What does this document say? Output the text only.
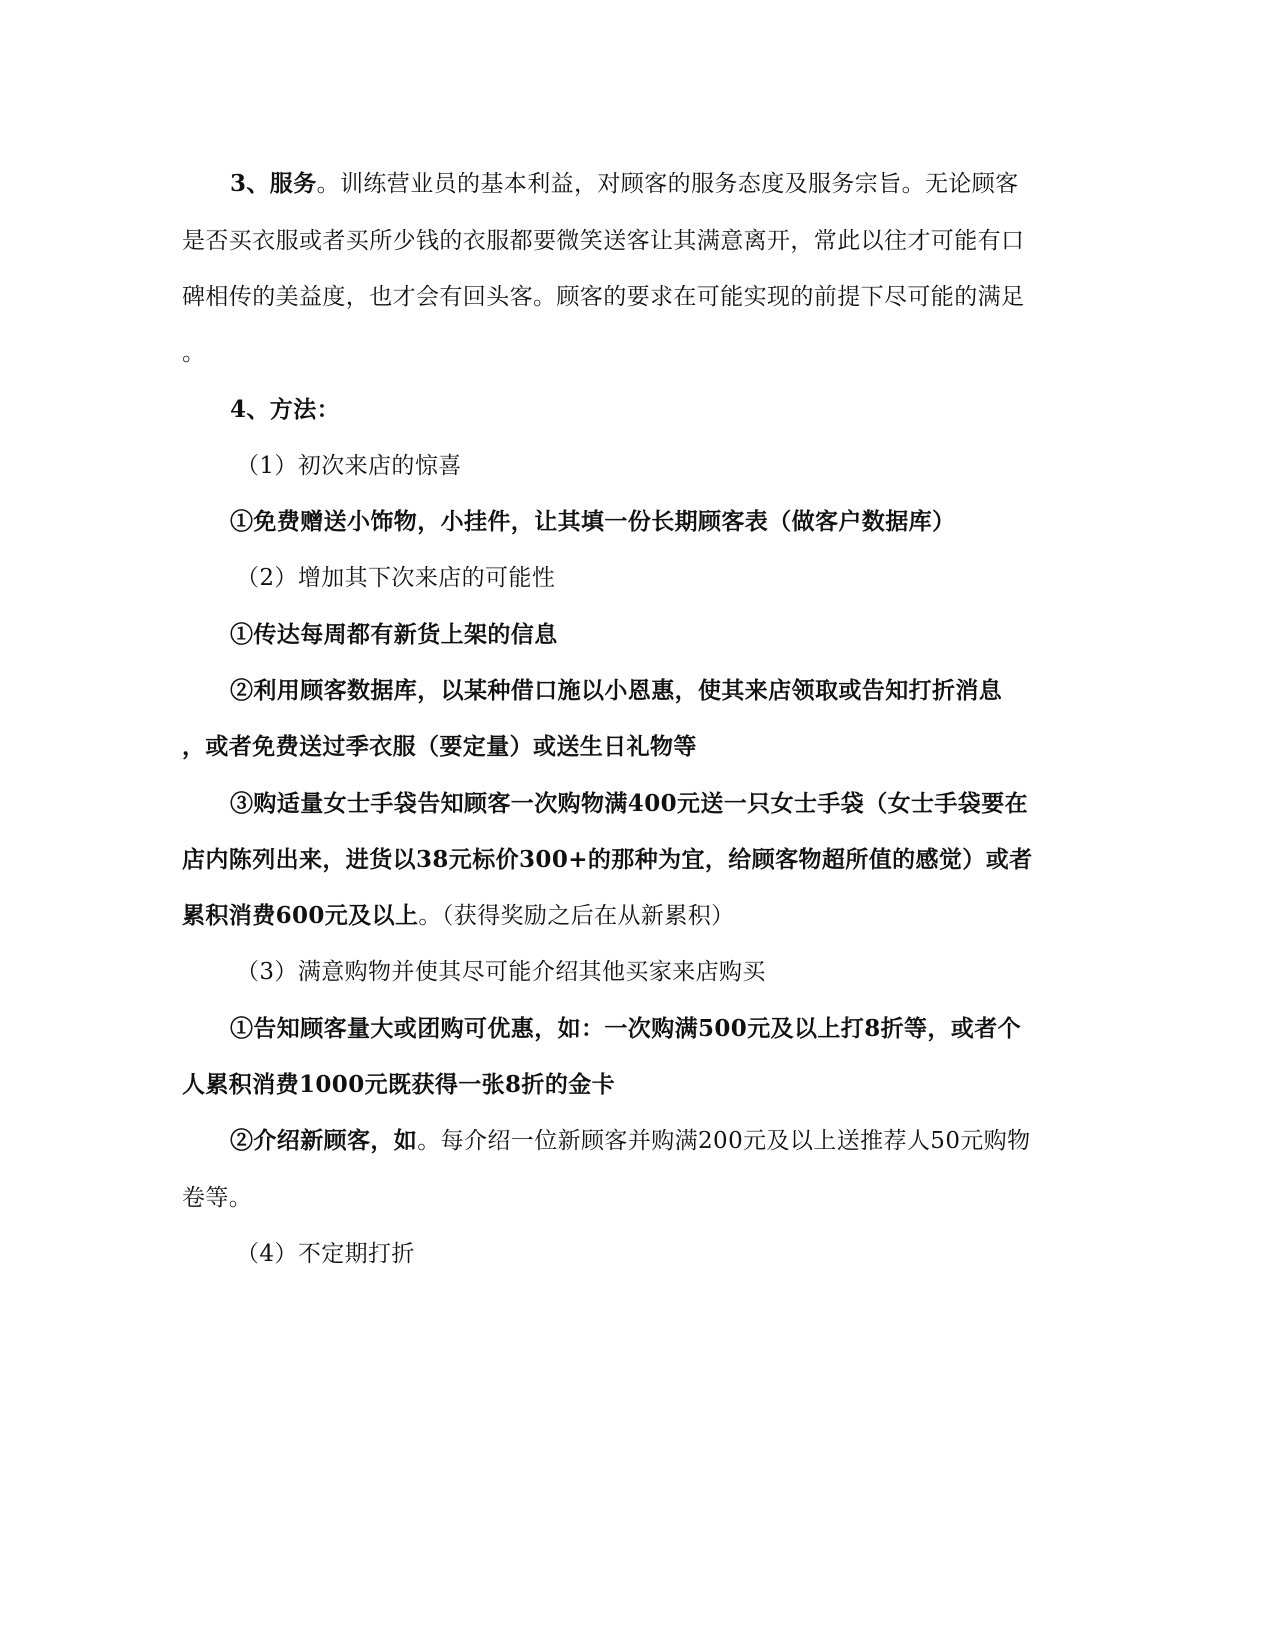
3、服务。训练营业员的基本利益，对顾客的服务态度及服务宗旨。无论顾客
是否买衣服或者买所少钱的衣服都要微笑送客让其满意离开，常此以往才可能有口
碑相传的美益度，也才会有回头客。顾客的要求在可能实现的前提下尽可能的满足
。
4、方法：
（1）初次来店的惊喜
①免费赠送小饰物，小挂件，让其填一份长期顾客表（做客户数据库）
（2）增加其下次来店的可能性
①传达每周都有新货上架的信息
②利用顾客数据库，以某种借口施以小恩惠，使其来店领取或告知打折消息
，或者免费送过季衣服（要定量）或送生日礼物等
③购适量女士手袋告知顾客一次购物满400元送一只女士手袋（女士手袋要在
店内陈列出来，进货以38元标价300+的那种为宜，给顾客物超所值的感觉）或者
累积消费600元及以上。（获得奖励之后在从新累积）
（3）满意购物并使其尽可能介绍其他买家来店购买
①告知顾客量大或团购可优惠，如：一次购满500元及以上打8折等，或者个
人累积消费1000元既获得一张8折的金卡
②介绍新顾客，如。每介绍一位新顾客并购满200元及以上送推荐人50元购物
卷等。
（4）不定期打折
